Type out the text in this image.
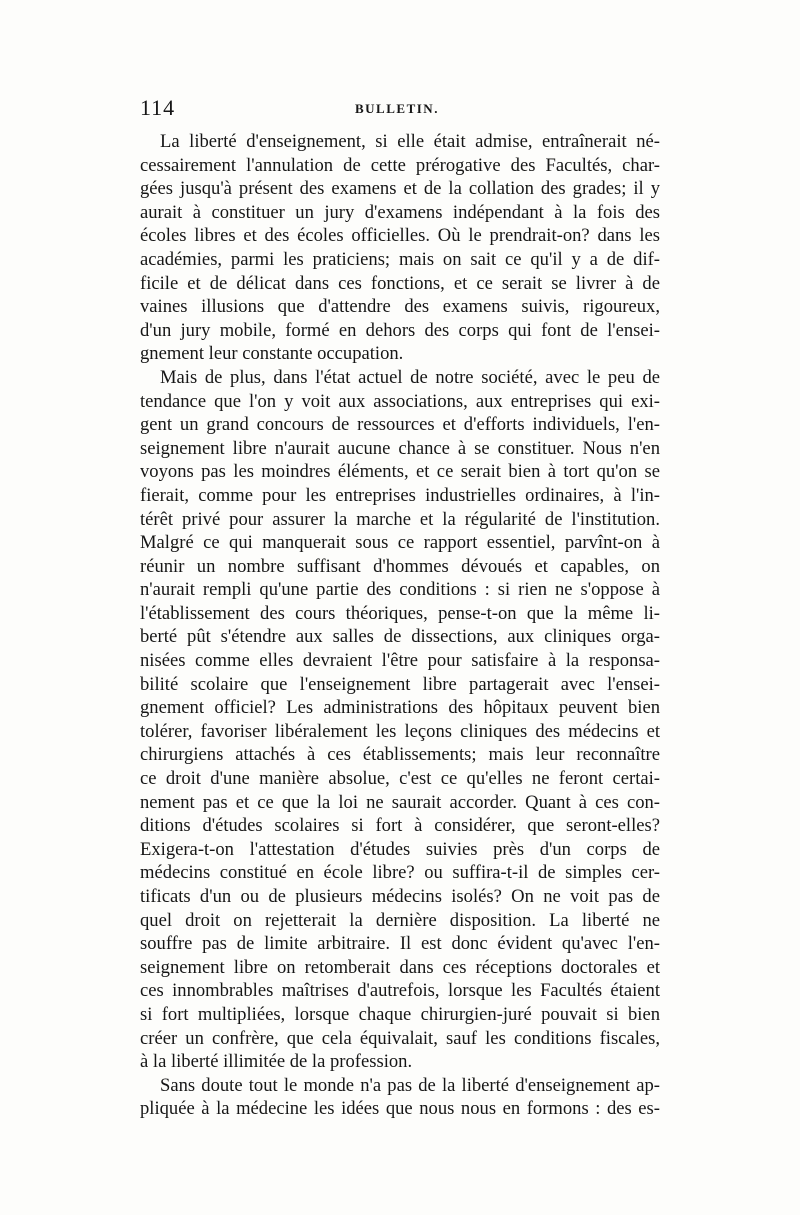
114	BULLETIN.
La liberté d'enseignement, si elle était admise, entraînerait né-
cessairement l'annulation de cette prérogative des Facultés, char-
gées jusqu'à présent des examens et de la collation des grades; il y
aurait à constituer un jury d'examens indépendant à la fois des
écoles libres et des écoles officielles. Où le prendrait-on? dans les
académies, parmi les praticiens; mais on sait ce qu'il y a de dif-
ficile et de délicat dans ces fonctions, et ce serait se livrer à de
vaines illusions que d'attendre des examens suivis, rigoureux,
d'un jury mobile, formé en dehors des corps qui font de l'ensei-
gnement leur constante occupation.
Mais de plus, dans l'état actuel de notre société, avec le peu de
tendance que l'on y voit aux associations, aux entreprises qui exi-
gent un grand concours de ressources et d'efforts individuels, l'en-
seignement libre n'aurait aucune chance à se constituer. Nous n'en
voyons pas les moindres éléments, et ce serait bien à tort qu'on se
fierait, comme pour les entreprises industrielles ordinaires, à l'in-
térêt privé pour assurer la marche et la régularité de l'institution.
Malgré ce qui manquerait sous ce rapport essentiel, parvînt-on à
réunir un nombre suffisant d'hommes dévoués et capables, on
n'aurait rempli qu'une partie des conditions : si rien ne s'oppose à
l'établissement des cours théoriques, pense-t-on que la même li-
berté pût s'étendre aux salles de dissections, aux cliniques orga-
nisées comme elles devraient l'être pour satisfaire à la responsa-
bilité scolaire que l'enseignement libre partagerait avec l'ensei-
gnement officiel? Les administrations des hôpitaux peuvent bien
tolérer, favoriser libéralement les leçons cliniques des médecins et
chirurgiens attachés à ces établissements; mais leur reconnaître
ce droit d'une manière absolue, c'est ce qu'elles ne feront certai-
nement pas et ce que la loi ne saurait accorder. Quant à ces con-
ditions d'études scolaires si fort à considérer, que seront-elles?
Exigera-t-on l'attestation d'études suivies près d'un corps de
médecins constitué en école libre? ou suffira-t-il de simples cer-
tificats d'un ou de plusieurs médecins isolés? On ne voit pas de
quel droit on rejetterait la dernière disposition. La liberté ne
souffre pas de limite arbitraire. Il est donc évident qu'avec l'en-
seignement libre on retomberait dans ces réceptions doctorales et
ces innombrables maîtrises d'autrefois, lorsque les Facultés étaient
si fort multipliées, lorsque chaque chirurgien-juré pouvait si bien
créer un confrère, que cela équivalait, sauf les conditions fiscales,
à la liberté illimitée de la profession.
Sans doute tout le monde n'a pas de la liberté d'enseignement ap-
pliquée à la médecine les idées que nous nous en formons : des es-
